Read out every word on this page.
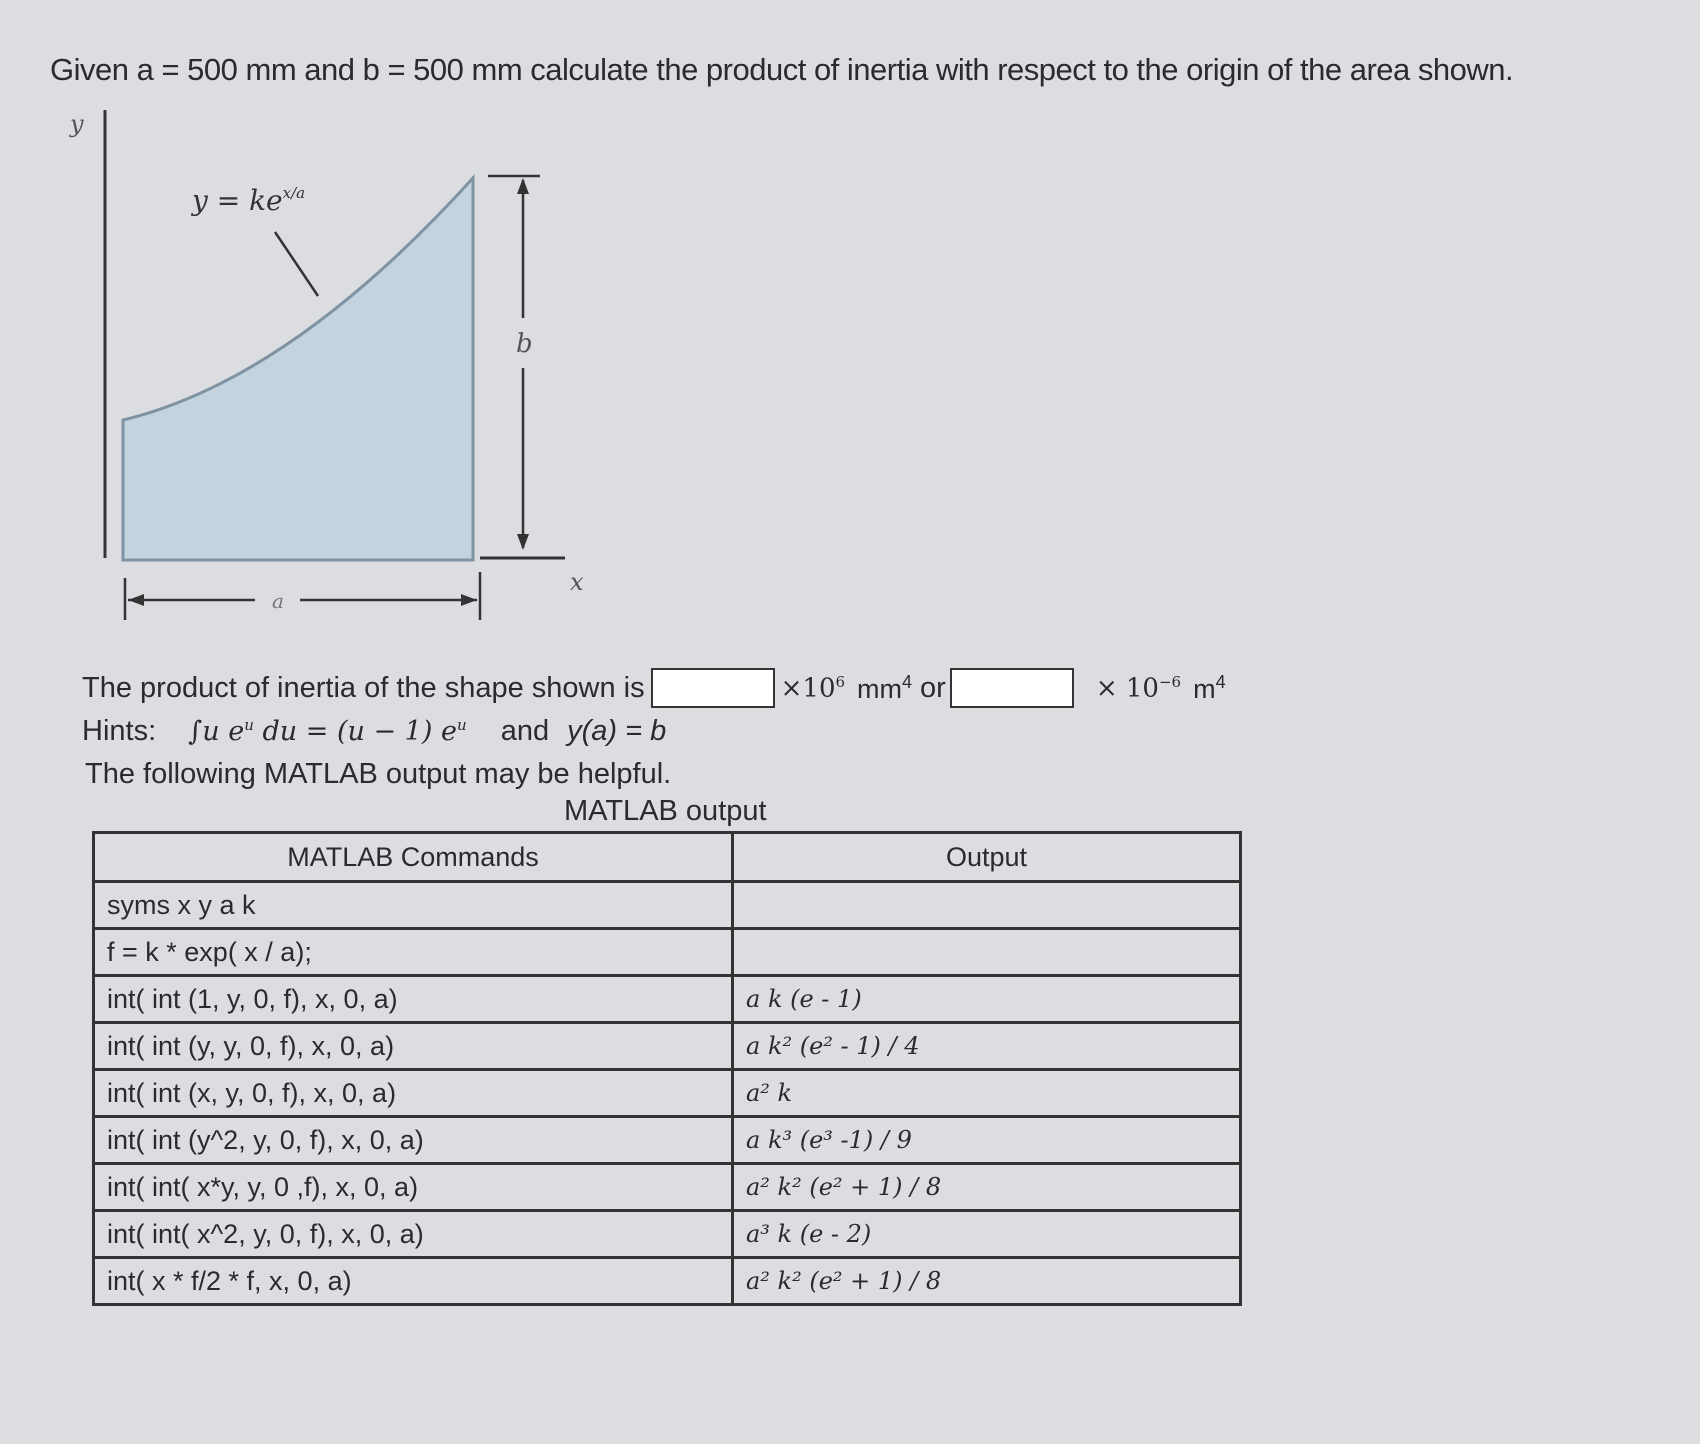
Given a = 500 mm and b = 500 mm calculate the product of inertia with respect to the origin of the area shown.
y
x
$y = ke^{x/a}$
b
a
The product of inertia of the shape shown is	$\times 10^6$ $mm^4$ or	× $10^{-6}$ $m^4$
Hints: ∫u $e^u$ du = (u − 1) $e^u$ and y(a) = b
The following MATLAB output may be helpful.
MATLAB output
MATLAB Commands	Output
syms x y a k	
f = k * exp( x / a);	
int( int (1, y, 0, f), x, 0, a)	a k (e - 1)
int( int (y, y, 0, f), x, 0, a)	a k² (e² - 1) / 4
int( int (x, y, 0, f), x, 0, a)	a² k
int( int (y^2, y, 0, f), x, 0, a)	a k³ (e³ -1) / 9
int( int( x*y, y, 0 ,f), x, 0, a)	a² k² (e² + 1) / 8
int( int( x^2, y, 0, f), x, 0, a)	a³ k (e - 2)
int( x * f/2 * f, x, 0, a)	a² k² (e² + 1) / 8
